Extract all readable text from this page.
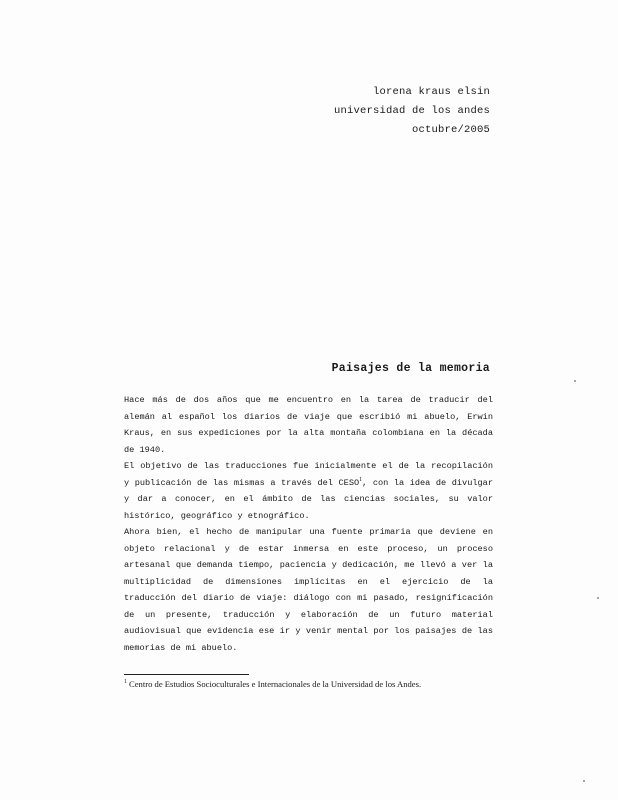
lorena kraus elsin
universidad de los andes
octubre/2005
Paisajes de la memoria

Hace más de dos años que me encuentro en la tarea de traducir del alemán al español los diarios de viaje que escribió mi abuelo, Erwin Kraus, en sus expediciones por la alta montaña colombiana en la década de 1940.

El objetivo de las traducciones fue inicialmente el de la recopilación y publicación de las mismas a través del CESO$^1$, con la idea de divulgar y dar a conocer, en el ámbito de las ciencias sociales, su valor histórico, geográfico y etnográfico.

Ahora bien, el hecho de manipular una fuente primaria que deviene en objeto relacional y de estar inmersa en este proceso, un proceso artesanal que demanda tiempo, paciencia y dedicación, me llevó a ver la multiplicidad de dimensiones implícitas en el ejercicio de la traducción del diario de viaje: diálogo con mi pasado, resignificación de un presente, traducción y elaboración de un futuro material audiovisual que evidencia ese ir y venir mental por los paisajes de las memorias de mi abuelo.

$^1$ Centro de Estudios Socioculturales e Internacionales de la Universidad de los Andes.
